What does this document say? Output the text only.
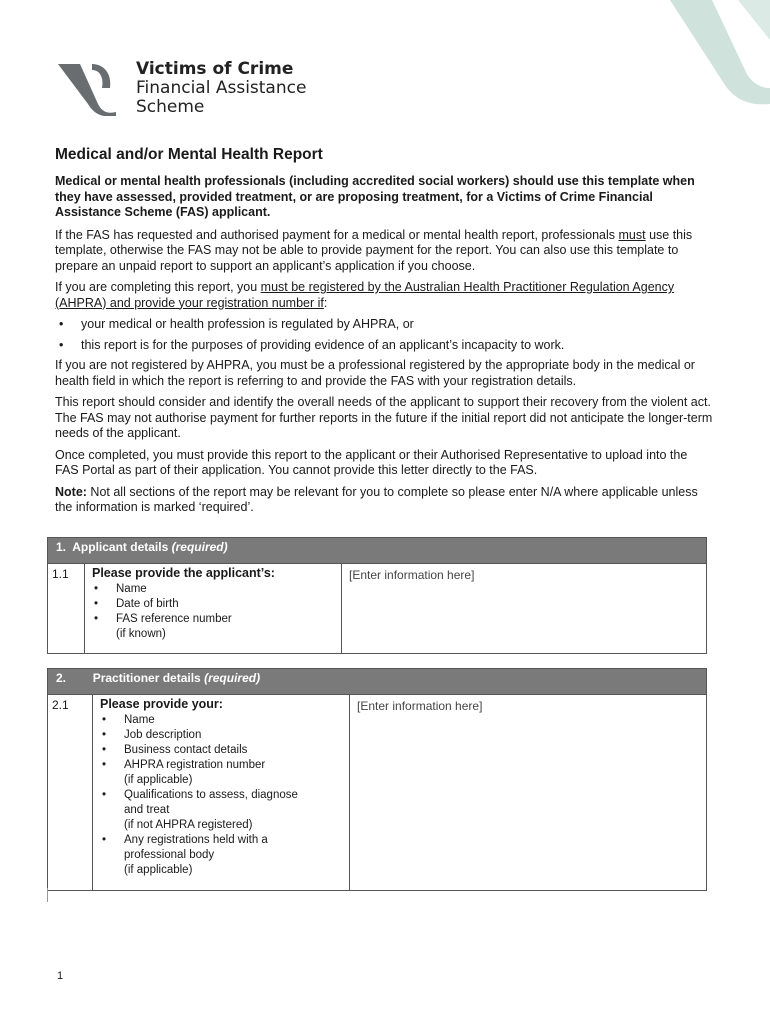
Victims of Crime
Financial Assistance
Scheme
Medical and/or Mental Health Report
Medical or mental health professionals (including accredited social workers) should use this template when they have assessed, provided treatment, or are proposing treatment, for a Victims of Crime Financial Assistance Scheme (FAS) applicant.

If the FAS has requested and authorised payment for a medical or mental health report, professionals must use this template, otherwise the FAS may not be able to provide payment for the report. You can also use this template to prepare an unpaid report to support an applicant’s application if you choose.

If you are completing this report, you must be registered by the Australian Health Practitioner Regulation Agency (AHPRA) and provide your registration number if:

• your medical or health profession is regulated by AHPRA, or
• this report is for the purposes of providing evidence of an applicant’s incapacity to work.

If you are not registered by AHPRA, you must be a professional registered by the appropriate body in the medical or health field in which the report is referring to and provide the FAS with your registration details.

This report should consider and identify the overall needs of the applicant to support their recovery from the violent act. The FAS may not authorise payment for further reports in the future if the initial report did not anticipate the longer-term needs of the applicant.

Once completed, you must provide this report to the applicant or their Authorised Representative to upload into the FAS Portal as part of their application. You cannot provide this letter directly to the FAS.

Note: Not all sections of the report may be relevant for you to complete so please enter N/A where applicable unless the information is marked ‘required’.

1. Applicant details (required)
1.1	Please provide the applicant’s:
• Name
• Date of birth
• FAS reference number
(if known)
	[Enter information here]
2. Practitioner details (required)
2.1	Please provide your:
• Name
• Job description
• Business contact details
• AHPRA registration number
(if applicable)
• Qualifications to assess, diagnose
and treat
(if not AHPRA registered)
• Any registrations held with a
professional body
(if applicable)
	[Enter information here]
1
